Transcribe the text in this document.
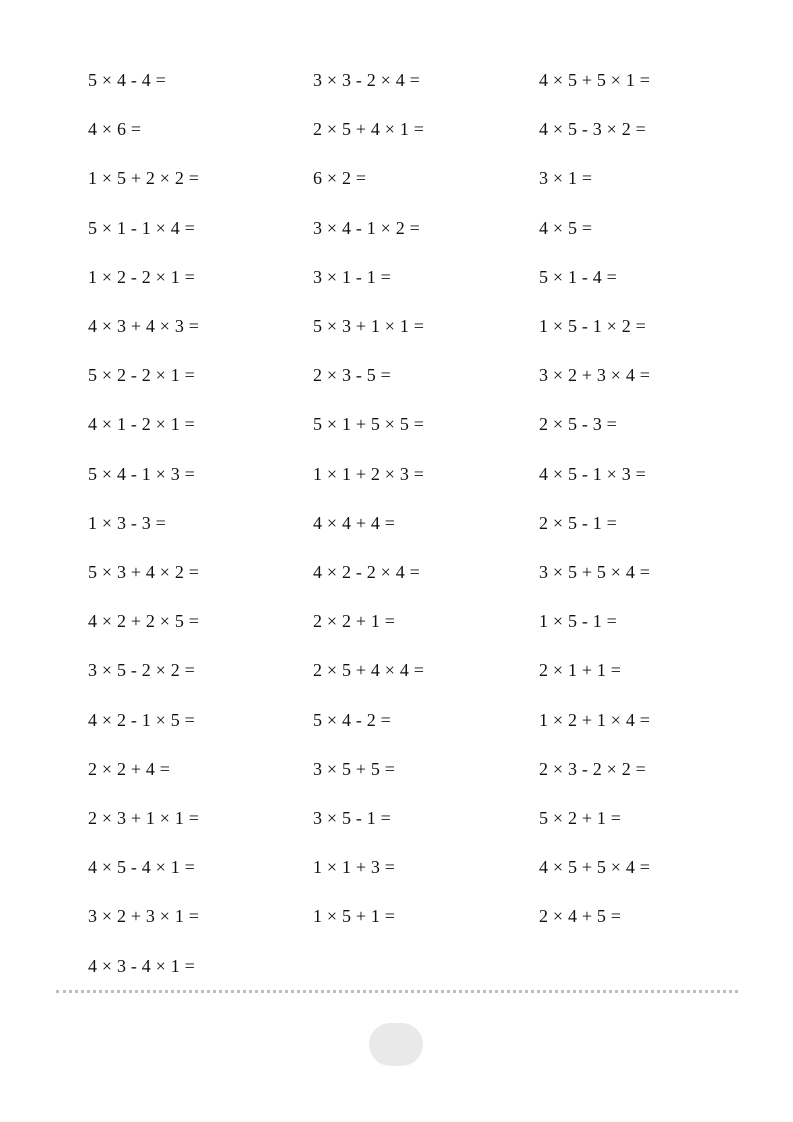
5 × 4 - 4 =
4 × 6 =
1 × 5 + 2 × 2 =
5 × 1 - 1 × 4 =
1 × 2 - 2 × 1 =
4 × 3 + 4 × 3 =
5 × 2 - 2 × 1 =
4 × 1 - 2 × 1 =
5 × 4 - 1 × 3 =
1 × 3 - 3 =
5 × 3 + 4 × 2 =
4 × 2 + 2 × 5 =
3 × 5 - 2 × 2 =
4 × 2 - 1 × 5 =
2 × 2 + 4 =
2 × 3 + 1 × 1 =
4 × 5 - 4 × 1 =
3 × 2 + 3 × 1 =
4 × 3 - 4 × 1 =
3 × 3 - 2 × 4 =
2 × 5 + 4 × 1 =
6 × 2 =
3 × 4 - 1 × 2 =
3 × 1 - 1 =
5 × 3 + 1 × 1 =
2 × 3 - 5 =
5 × 1 + 5 × 5 =
1 × 1 + 2 × 3 =
4 × 4 + 4 =
4 × 2 - 2 × 4 =
2 × 2 + 1 =
2 × 5 + 4 × 4 =
5 × 4 - 2 =
3 × 5 + 5 =
3 × 5 - 1 =
1 × 1 + 3 =
1 × 5 + 1 =
4 × 5 + 5 × 1 =
4 × 5 - 3 × 2 =
3 × 1 =
4 × 5 =
5 × 1 - 4 =
1 × 5 - 1 × 2 =
3 × 2 + 3 × 4 =
2 × 5 - 3 =
4 × 5 - 1 × 3 =
2 × 5 - 1 =
3 × 5 + 5 × 4 =
1 × 5 - 1 =
2 × 1 + 1 =
1 × 2 + 1 × 4 =
2 × 3 - 2 × 2 =
5 × 2 + 1 =
4 × 5 + 5 × 4 =
2 × 4 + 5 =
